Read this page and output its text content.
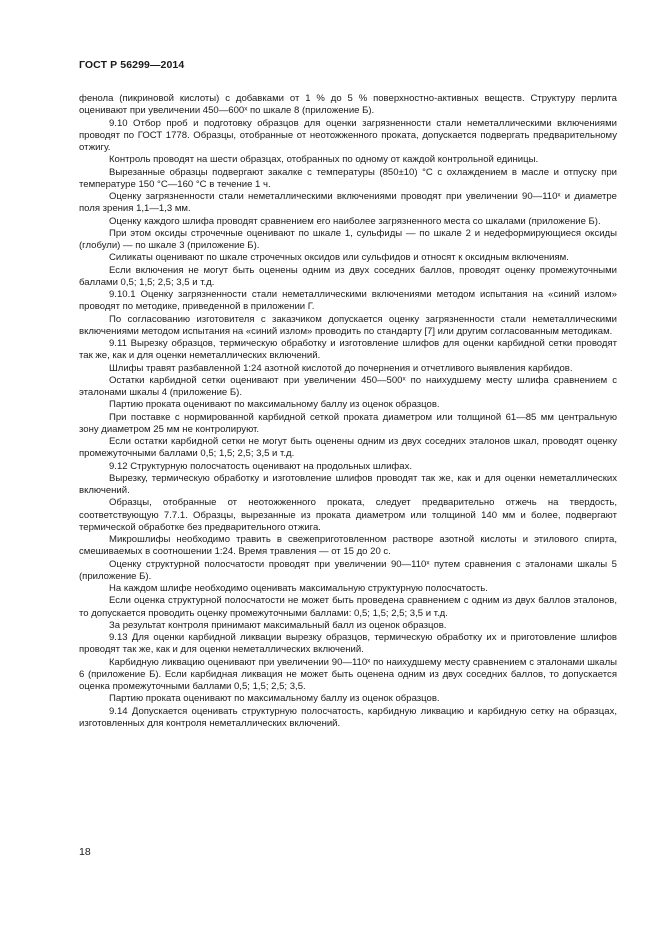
ГОСТ Р 56299—2014

фенола (пикриновой кислоты) с добавками от 1 % до 5 % поверхностно-активных веществ. Структуру перлита оценивают при увеличении 450—600ˣ по шкале 8 (приложение Б).

9.10 Отбор проб и подготовку образцов для оценки загрязненности стали неметаллическими включениями проводят по ГОСТ 1778. Образцы, отобранные от неотожженного проката, допускается подвергать предварительному отжигу.

Контроль проводят на шести образцах, отобранных по одному от каждой контрольной единицы.

Вырезанные образцы подвергают закалке с температуры (850±10) °С с охлаждением в масле и отпуску при температуре 150 °С—160 °С в течение 1 ч.

Оценку загрязненности стали неметаллическими включениями проводят при увеличении 90—110ˣ и диаметре поля зрения 1,1—1,3 мм.

Оценку каждого шлифа проводят сравнением его наиболее загрязненного места со шкалами (приложение Б).

При этом оксиды строчечные оценивают по шкале 1, сульфиды — по шкале 2 и недеформирующиеся оксиды (глобули) — по шкале 3 (приложение Б).

Силикаты оценивают по шкале строчечных оксидов или сульфидов и относят к оксидным включениям.

Если включения не могут быть оценены одним из двух соседних баллов, проводят оценку промежуточными баллами 0,5; 1,5; 2,5; 3,5 и т.д.

9.10.1 Оценку загрязненности стали неметаллическими включениями методом испытания на «синий излом» проводят по методике, приведенной в приложении Г.

По согласованию изготовителя с заказчиком допускается оценку загрязненности стали неметаллическими включениями методом испытания на «синий излом» проводить по стандарту [7] или другим согласованным методикам.

9.11 Вырезку образцов, термическую обработку и изготовление шлифов для оценки карбидной сетки проводят так же, как и для оценки неметаллических включений.

Шлифы травят разбавленной 1:24 азотной кислотой до почернения и отчетливого выявления карбидов.

Остатки карбидной сетки оценивают при увеличении 450—500ˣ по наихудшему месту шлифа сравнением с эталонами шкалы 4 (приложение Б).

Партию проката оценивают по максимальному баллу из оценок образцов.

При поставке с нормированной карбидной сеткой проката диаметром или толщиной 61—85 мм центральную зону диаметром 25 мм не контролируют.

Если остатки карбидной сетки не могут быть оценены одним из двух соседних эталонов шкал, проводят оценку промежуточными баллами 0,5; 1,5; 2,5; 3,5 и т.д.

9.12 Структурную полосчатость оценивают на продольных шлифах.

Вырезку, термическую обработку и изготовление шлифов проводят так же, как и для оценки неметаллических включений.

Образцы, отобранные от неотожженного проката, следует предварительно отжечь на твердость, соответствующую 7.7.1. Образцы, вырезанные из проката диаметром или толщиной 140 мм и более, подвергают термической обработке без предварительного отжига.

Микрошлифы необходимо травить в свежеприготовленном растворе азотной кислоты и этилового спирта, смешиваемых в соотношении 1:24. Время травления — от 15 до 20 с.

Оценку структурной полосчатости проводят при увеличении 90—110ˣ путем сравнения с эталонами шкалы 5 (приложение Б).

На каждом шлифе необходимо оценивать максимальную структурную полосчатость.

Если оценка структурной полосчатости не может быть проведена сравнением с одним из двух баллов эталонов, то допускается проводить оценку промежуточными баллами: 0,5; 1,5; 2,5; 3,5 и т.д.

За результат контроля принимают максимальный балл из оценок образцов.

9.13 Для оценки карбидной ликвации вырезку образцов, термическую обработку их и приготовление шлифов проводят так же, как и для оценки неметаллических включений.

Карбидную ликвацию оценивают при увеличении 90—110ˣ по наихудшему месту сравнением с эталонами шкалы 6 (приложение Б). Если карбидная ликвация не может быть оценена одним из двух соседних баллов, то допускается оценка промежуточными баллами 0,5; 1,5; 2,5; 3,5.

Партию проката оценивают по максимальному баллу из оценок образцов.

9.14 Допускается оценивать структурную полосчатость, карбидную ликвацию и карбидную сетку на образцах, изготовленных для контроля неметаллических включений.

18
